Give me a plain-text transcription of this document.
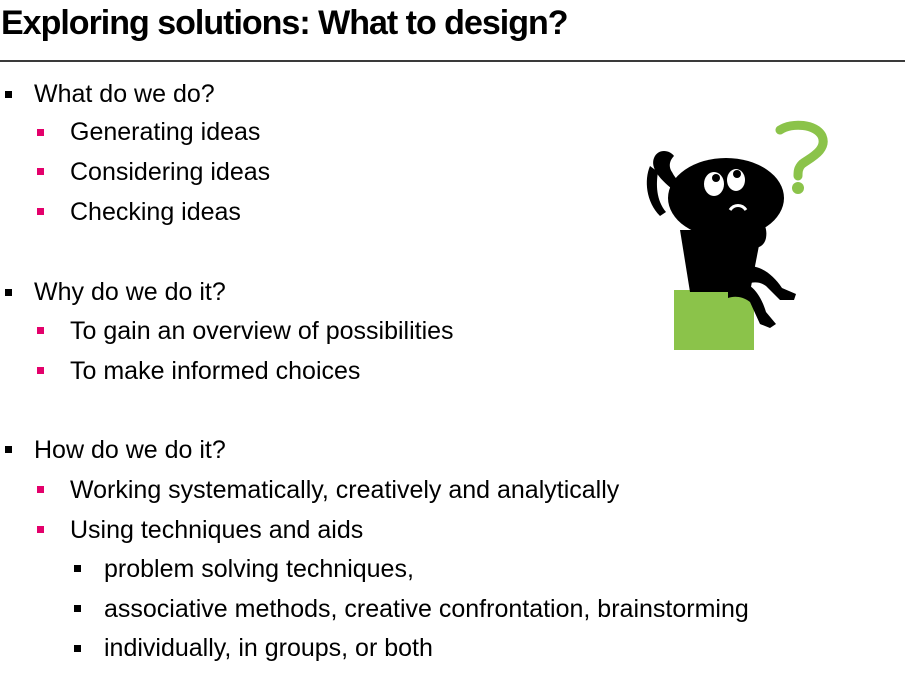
Exploring solutions: What to design?
What do we do?
Generating ideas
Considering ideas
Checking ideas
Why do we do it?
To gain an overview of possibilities
To make informed choices
How do we do it?
Working systematically, creatively and analytically
Using techniques and aids
problem solving techniques,
associative methods, creative confrontation, brainstorming
individually, in groups, or both
